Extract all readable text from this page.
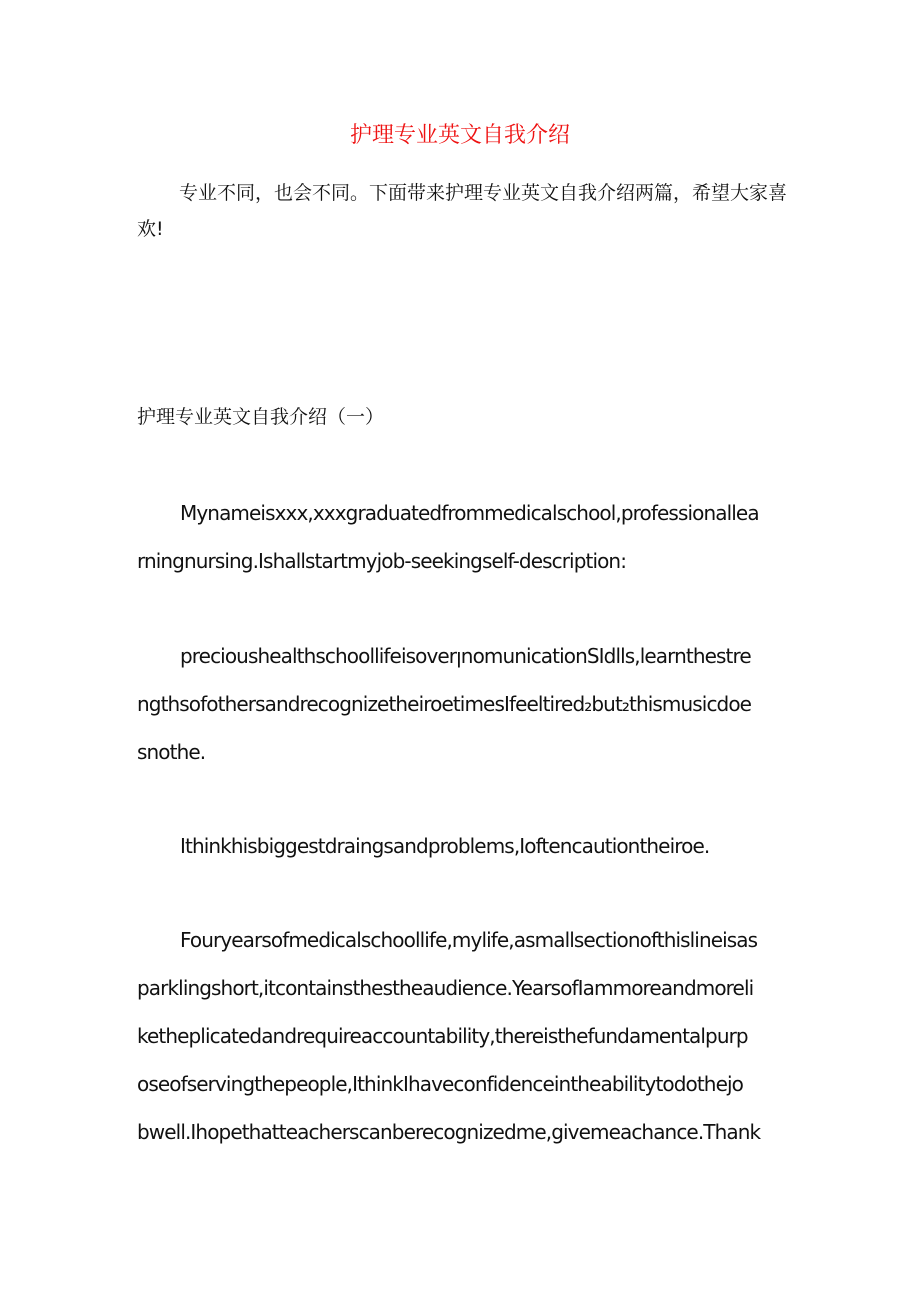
护理专业英文自我介绍
专业不同，也会不同。下面带来护理专业英文自我介绍两篇，希望大家喜欢!
护理专业英文自我介绍（一）
Mynameisxxx,xxxgraduatedfrommedicalschool,professionallea
rningnursing.Ishallstartmyjob-seekingself-description:
precioushealthschoollifeisoverꞁnomunicationSIdlls,learnthestre
ngthsofothersandrecognizetheiroetimesIfeeltired₂but₂thismusicdoe
snothe.
Ithinkhisbiggestdraingsandproblems,Ioftencautiontheiroe.
Fouryearsofmedicalschoollife,mylife,asmallsectionofthislineisas
parklingshort,itcontainsthestheaudience.YearsofIammoreandmoreli
kethepl​icatedandrequireaccountability,thereisthefundamentalpurp
oseofservingthepeople,IthinkIhaveconfidenceintheabilitytodothejo
bwell.Ihopethatteacherscanberecognizedme,givemeachance.Thank
